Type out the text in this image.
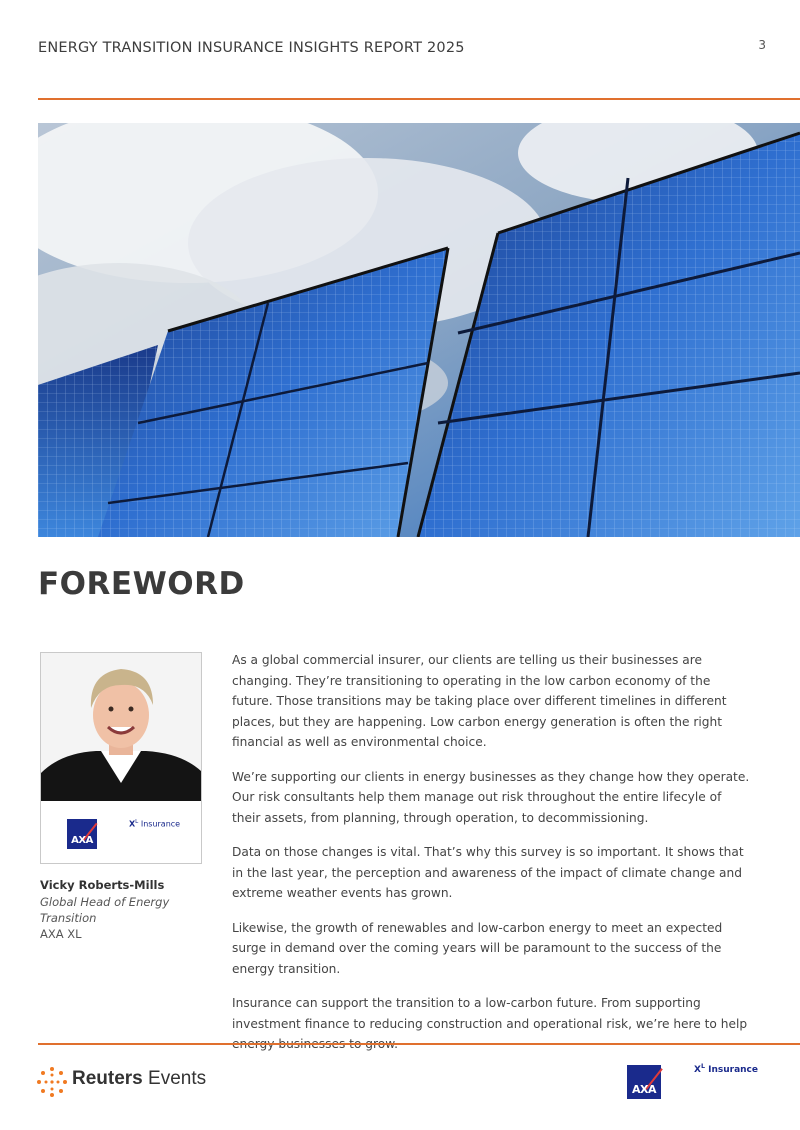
ENERGY TRANSITION INSURANCE INSIGHTS REPORT 2025	3
FOREWORD
AXA
$X^L$ Insurance
Vicky Roberts-Mills
Global Head of Energy Transition
AXA XL

As a global commercial insurer, our clients are telling us their businesses are changing. They’re transitioning to operating in the low carbon economy of the future. Those transitions may be taking place over different timelines in different places, but they are happening. Low carbon energy generation is often the right financial as well as environmental choice.

We’re supporting our clients in energy businesses as they change how they operate. Our risk consultants help them manage out risk throughout the entire lifecyle of their assets, from planning, through operation, to decommissioning.

Data on those changes is vital. That’s why this survey is so important. It shows that in the last year, the perception and awareness of the impact of climate change and extreme weather events has grown.

Likewise, the growth of renewables and low-carbon energy to meet an expected surge in demand over the coming years will be paramount to the success of the energy transition.

Insurance can support the transition to a low-carbon future. From supporting investment finance to reducing construction and operational risk, we’re here to help

Reuters Events
AXA
$X^L$ Insurance
